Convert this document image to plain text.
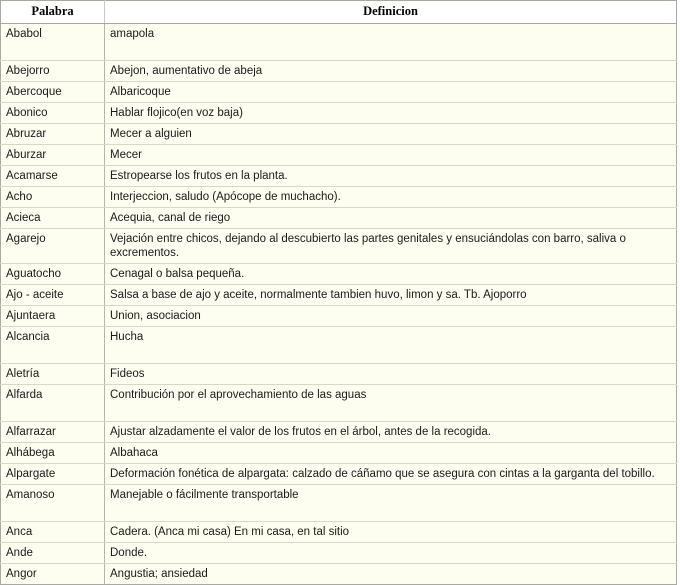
Palabra	Definicion
Ababol	amapola
Abejorro	Abejon, aumentativo de abeja
Abercoque	Albaricoque
Abonico	Hablar flojico(en voz baja)
Abruzar	Mecer a alguien
Aburzar	Mecer
Acamarse	Estropearse los frutos en la planta.
Acho	Interjeccion, saludo (Apócope de muchacho).
Acieca	Acequia, canal de riego
Agarejo	Vejación entre chicos, dejando al descubierto las partes genitales y ensuciándolas con barro, saliva o excrementos.
Aguatocho	Cenagal o balsa pequeña.
Ajo - aceite	Salsa a base de ajo y aceite, normalmente tambien huvo, limon y sa. Tb. Ajoporro
Ajuntaera	Union, asociacion
Alcancia	Hucha
Aletría	Fideos
Alfarda	Contribución por el aprovechamiento de las aguas
Alfarrazar	Ajustar alzadamente el valor de los frutos en el árbol, antes de la recogida.
Alhábega	Albahaca
Alpargate	Deformación fonética de alpargata: calzado de cáñamo que se asegura con cintas a la garganta del tobillo.
Amanoso	Manejable o fácilmente transportable
Anca	Cadera. (Anca mi casa) En mi casa, en tal sitio
Ande	Donde.
Angor	Angustia; ansiedad
